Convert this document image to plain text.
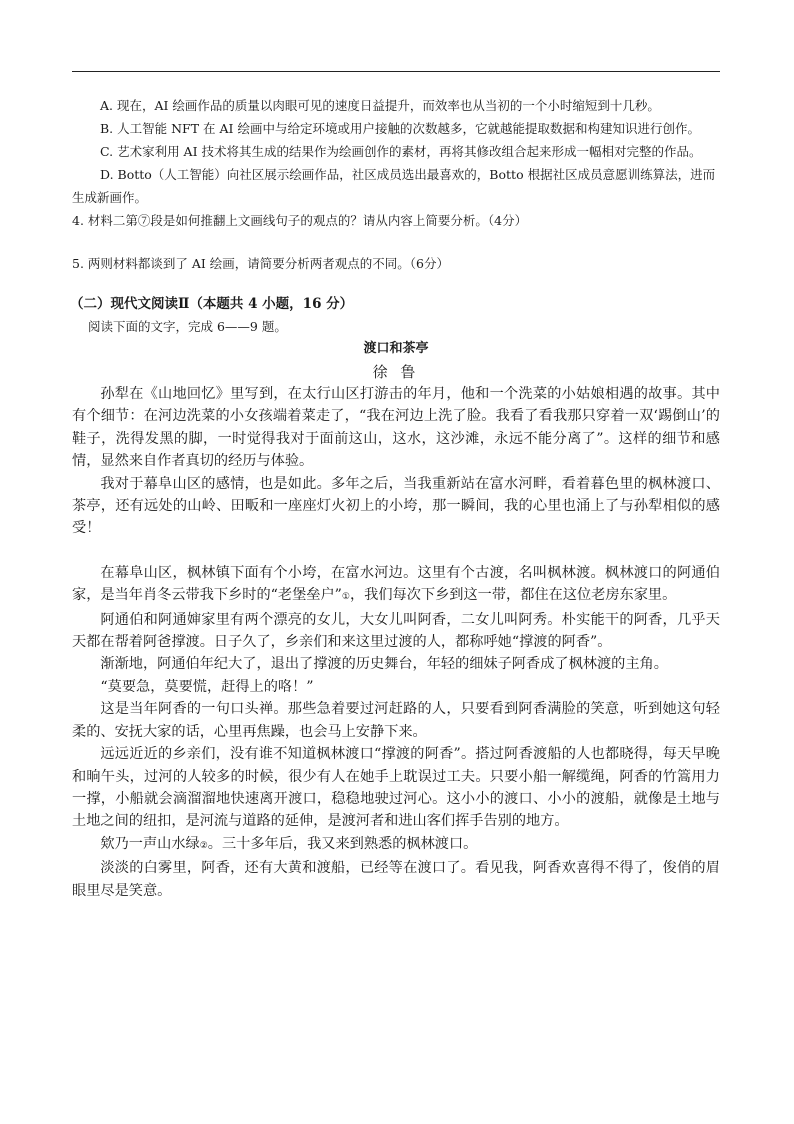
A. 现在，AI 绘画作品的质量以肉眼可见的速度日益提升，而效率也从当初的一个小时缩短到十几秒。

B. 人工智能 NFT 在 AI 绘画中与给定环境或用户接触的次数越多，它就越能提取数据和构建知识进行创作。

C. 艺术家利用 AI 技术将其生成的结果作为绘画创作的素材，再将其修改组合起来形成一幅相对完整的作品。

D. Botto（人工智能）向社区展示绘画作品，社区成员选出最喜欢的，Botto 根据社区成员意愿训练算法，进而生成新画作。

4. 材料二第⑦段是如何推翻上文画线句子的观点的？请从内容上简要分析。（4分）

5. 两则材料都谈到了 AI 绘画，请简要分析两者观点的不同。（6分）

（二）现代文阅读Ⅱ（本题共 4 小题，16 分）

阅读下面的文字，完成 6——9 题。

渡口和茶亭

徐 鲁

孙犁在《山地回忆》里写到，在太行山区打游击的年月，他和一个洗菜的小姑娘相遇的故事。其中有个细节：在河边洗菜的小女孩端着菜走了，“我在河边上洗了脸。我看了看我那只穿着一双‘踢倒山’的鞋子，洗得发黑的脚，一时觉得我对于面前这山，这水，这沙滩，永远不能分离了”。这样的细节和感情，显然来自作者真切的经历与体验。

我对于幕阜山区的感情，也是如此。多年之后，当我重新站在富水河畔，看着暮色里的枫林渡口、茶亭，还有远处的山岭、田畈和一座座灯火初上的小垮，那一瞬间，我的心里也涌上了与孙犁相似的感受！

在幕阜山区，枫林镇下面有个小垮，在富水河边。这里有个古渡，名叫枫林渡。枫林渡口的阿通伯家，是当年肖冬云带我下乡时的“老堡垒户”①，我们每次下乡到这一带，都住在这位老房东家里。

阿通伯和阿通婶家里有两个漂亮的女儿，大女儿叫阿香，二女儿叫阿秀。朴实能干的阿香，几乎天天都在帮着阿爸撑渡。日子久了，乡亲们和来这里过渡的人，都称呼她“撑渡的阿香”。

渐渐地，阿通伯年纪大了，退出了撑渡的历史舞台，年轻的细妹子阿香成了枫林渡的主角。

“莫要急，莫要慌，赶得上的咯！”

这是当年阿香的一句口头禅。那些急着要过河赶路的人，只要看到阿香满脸的笑意，听到她这句轻柔的、安抚大家的话，心里再焦躁，也会马上安静下来。

远远近近的乡亲们，没有谁不知道枫林渡口“撑渡的阿香”。搭过阿香渡船的人也都晓得，每天早晚和晌午头，过河的人较多的时候，很少有人在她手上耽误过工夫。只要小船一解缆绳，阿香的竹篙用力一撑，小船就会滴溜溜地快速离开渡口，稳稳地驶过河心。这小小的渡口、小小的渡船，就像是土地与土地之间的纽扣，是河流与道路的延伸，是渡河者和进山客们挥手告别的地方。

欸乃一声山水绿②。三十多年后，我又来到熟悉的枫林渡口。

淡淡的白雾里，阿香，还有大黄和渡船，已经等在渡口了。看见我，阿香欢喜得不得了，俊俏的眉眼里尽是笑意。
